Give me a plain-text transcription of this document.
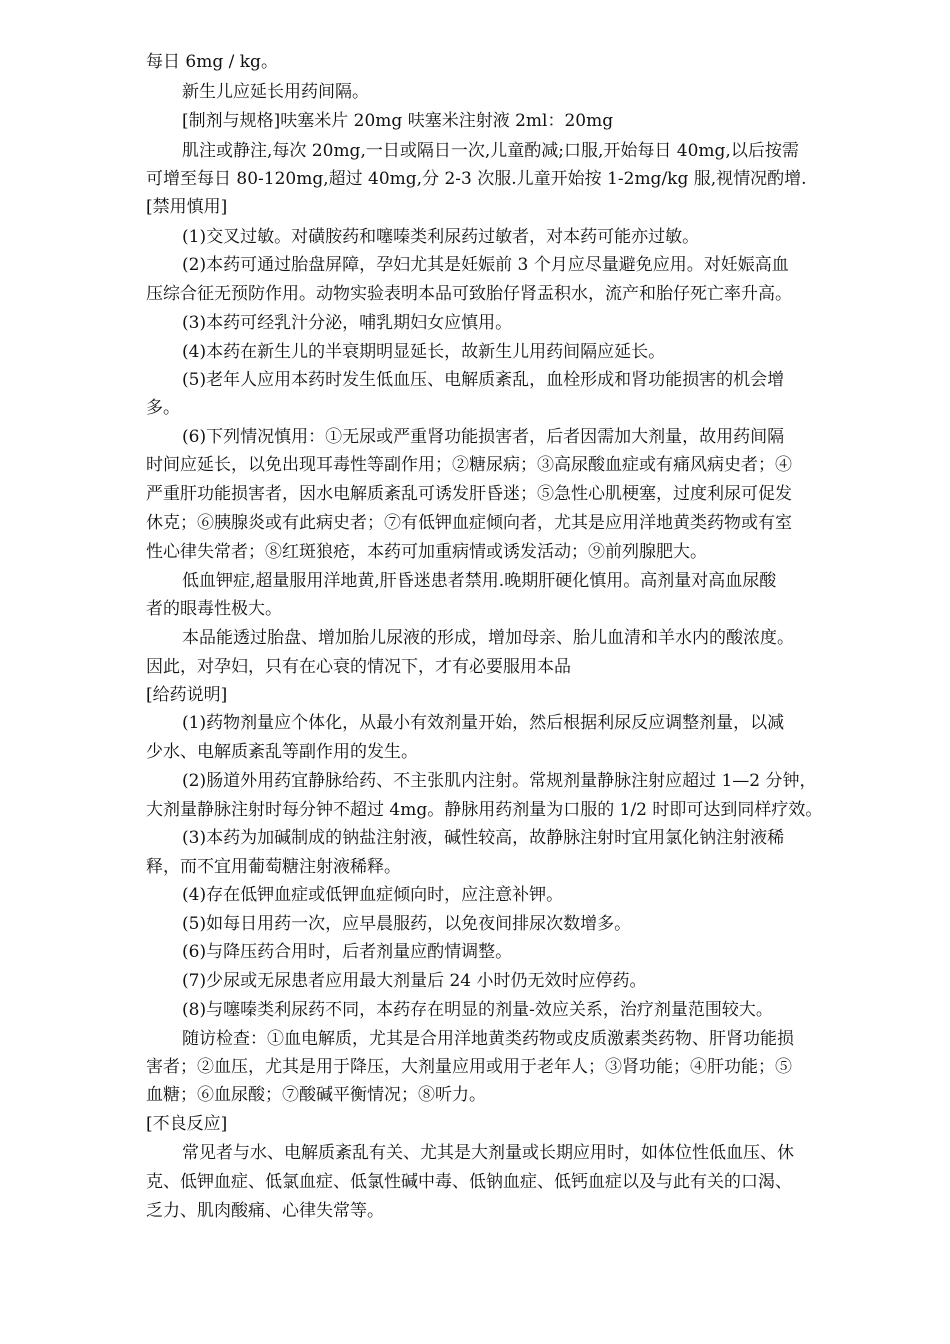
每日 6mg / kg。
新生儿应延长用药间隔。
[制剂与规格]呋塞米片 20mg 呋塞米注射液 2ml：20mg
肌注或静注,每次 20mg,一日或隔日一次,儿童酌减;口服,开始每日 40mg,以后按需
可增至每日 80-120mg,超过 40mg,分 2-3 次服.儿童开始按 1-2mg/kg 服,视情况酌增.
[禁用慎用]
(1)交叉过敏。对磺胺药和噻嗪类利尿药过敏者，对本药可能亦过敏。
(2)本药可通过胎盘屏障，孕妇尤其是妊娠前 3 个月应尽量避免应用。对妊娠高血
压综合征无预防作用。动物实验表明本品可致胎仔肾盂积水，流产和胎仔死亡率升高。
(3)本药可经乳汁分泌，哺乳期妇女应慎用。
(4)本药在新生儿的半衰期明显延长，故新生儿用药间隔应延长。
(5)老年人应用本药时发生低血压、电解质紊乱，血栓形成和肾功能损害的机会增
多。
(6)下列情况慎用：①无尿或严重肾功能损害者，后者因需加大剂量，故用药间隔
时间应延长，以免出现耳毒性等副作用；②糖尿病；③高尿酸血症或有痛风病史者；④
严重肝功能损害者，因水电解质紊乱可诱发肝昏迷；⑤急性心肌梗塞，过度利尿可促发
休克；⑥胰腺炎或有此病史者；⑦有低钾血症倾向者，尤其是应用洋地黄类药物或有室
性心律失常者；⑧红斑狼疮，本药可加重病情或诱发活动；⑨前列腺肥大。
低血钾症,超量服用洋地黄,肝昏迷患者禁用.晚期肝硬化慎用。高剂量对高血尿酸
者的眼毒性极大。
本品能透过胎盘、增加胎儿尿液的形成，增加母亲、胎儿血清和羊水内的酸浓度。
因此，对孕妇，只有在心衰的情况下，才有必要服用本品
[给药说明]
(1)药物剂量应个体化，从最小有效剂量开始，然后根据利尿反应调整剂量，以减
少水、电解质紊乱等副作用的发生。
(2)肠道外用药宜静脉给药、不主张肌内注射。常规剂量静脉注射应超过 1—2 分钟，
大剂量静脉注射时每分钟不超过 4mg。静脉用药剂量为口服的 1/2 时即可达到同样疗效。
(3)本药为加碱制成的钠盐注射液，碱性较高，故静脉注射时宜用氯化钠注射液稀
释，而不宜用葡萄糖注射液稀释。
(4)存在低钾血症或低钾血症倾向时，应注意补钾。
(5)如每日用药一次，应早晨服药，以免夜间排尿次数增多。
(6)与降压药合用时，后者剂量应酌情调整。
(7)少尿或无尿患者应用最大剂量后 24 小时仍无效时应停药。
(8)与噻嗪类利尿药不同，本药存在明显的剂量-效应关系，治疗剂量范围较大。
随访检查：①血电解质，尤其是合用洋地黄类药物或皮质激素类药物、肝肾功能损
害者；②血压，尤其是用于降压，大剂量应用或用于老年人；③肾功能；④肝功能；⑤
血糖；⑥血尿酸；⑦酸碱平衡情况；⑧听力。
[不良反应]
常见者与水、电解质紊乱有关、尤其是大剂量或长期应用时，如体位性低血压、休
克、低钾血症、低氯血症、低氯性碱中毒、低钠血症、低钙血症以及与此有关的口渴、
乏力、肌肉酸痛、心律失常等。
